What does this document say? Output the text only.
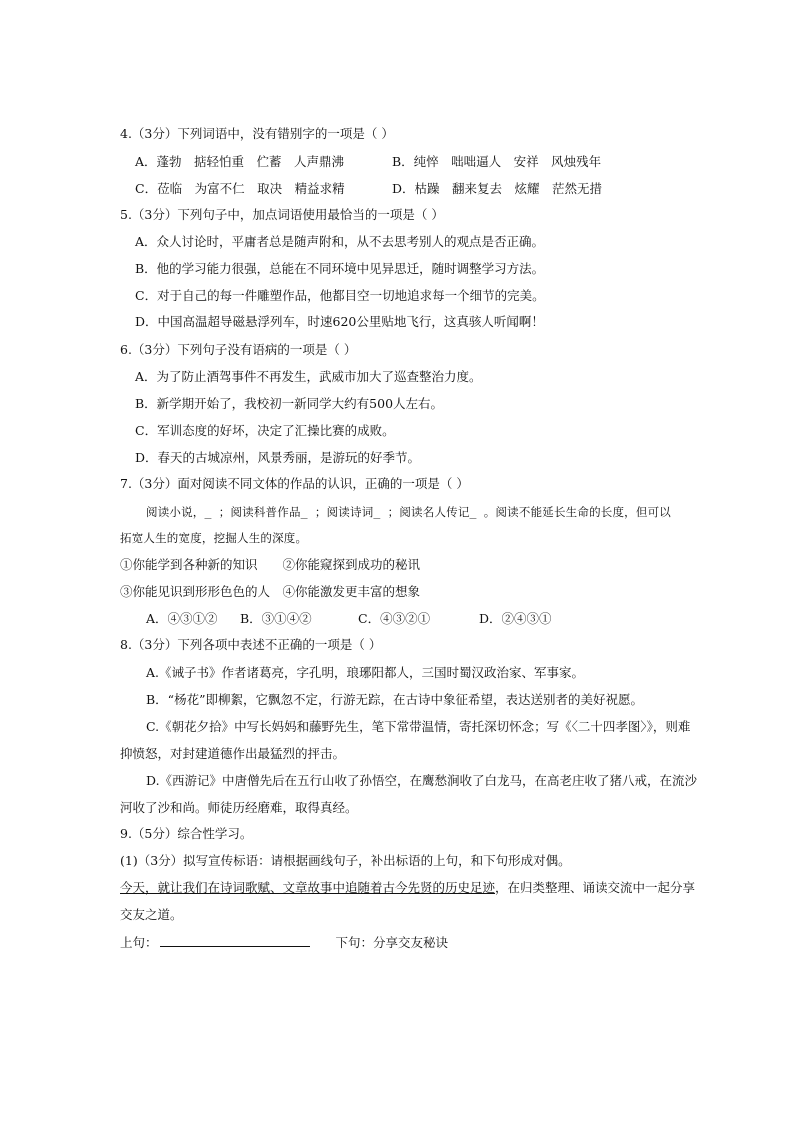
4.（3分）下列词语中，没有错别字的一项是（ ）
A．蓬勃　掂轻怕重　伫蓄　人声鼎沸	B．纯悴　咄咄逼人　安祥　风烛残年
C．莅临　为富不仁　取决　精益求精	D．枯躁　翻来复去　炫耀　茫然无措
5.（3分）下列句子中，加点词语使用最恰当的一项是（ ）
A．众人讨论时，平庸者总是随声附和，从不去思考别人的观点是否正确。
B．他的学习能力很强，总能在不同环境中见异思迁，随时调整学习方法。
C．对于自己的每一件雕塑作品，他都目空一切地追求每一个细节的完美。
D．中国高温超导磁悬浮列车，时速620公里贴地飞行，这真骇人听闻啊！
6.（3分）下列句子没有语病的一项是（ ）
A．为了防止酒驾事件不再发生，武威市加大了巡查整治力度。
B．新学期开始了，我校初一新同学大约有500人左右。
C．军训态度的好坏，决定了汇操比赛的成败。
D．春天的古城凉州，风景秀丽，是游玩的好季节。
7.（3分）面对阅读不同文体的作品的认识，正确的一项是（ ）
阅读小说，_ ；阅读科普作品_ ；阅读诗词_ ；阅读名人传记_ 。阅读不能延长生命的长度，但可以
拓宽人生的宽度，挖掘人生的深度。
①你能学到各种新的知识　　②你能窥探到成功的秘讯
③你能见识到形形色色的人　④你能激发更丰富的想象
A．④③①② B．③①④②	C．④③②①	D．②④③①
8.（3分）下列各项中表述不正确的一项是（ ）
A.《诫子书》作者诸葛亮，字孔明，琅琊阳都人，三国时蜀汉政治家、军事家。
B．“杨花”即柳絮，它飘忽不定，行游无踪，在古诗中象征希望，表达送别者的美好祝愿。
C.《朝花夕拾》中写长妈妈和藤野先生，笔下常带温情，寄托深切怀念；写《〈二十四孝图〉》，则难
抑愤怒，对封建道德作出最猛烈的抨击。
D.《西游记》中唐僧先后在五行山收了孙悟空，在鹰愁涧收了白龙马，在高老庄收了猪八戒，在流沙
河收了沙和尚。师徒历经磨难，取得真经。
9.（5分）综合性学习。
(1)（3分）拟写宣传标语：请根据画线句子，补出标语的上句，和下句形成对偶。
今天，就让我们在诗词歌赋、文章故事中追随着古今先贤的历史足迹，在归类整理、诵读交流中一起分享
交友之道。
上句：	下句：分享交友秘诀
